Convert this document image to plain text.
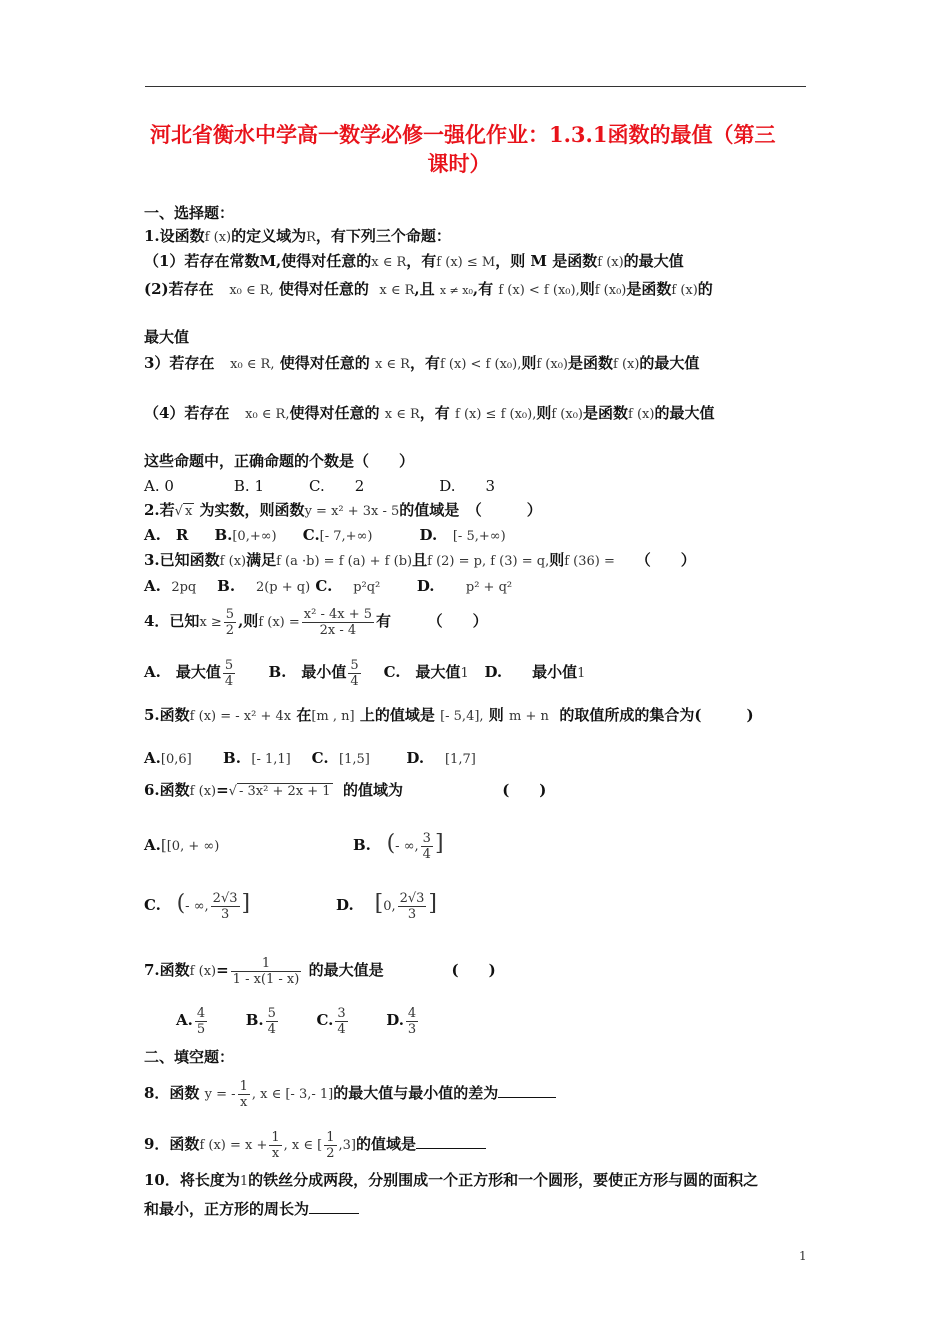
河北省衡水中学高一数学必修一强化作业：1.3.1函数的最值（第三
课时）
一、选择题：
1.设函数f (x)的定义域为R，有下列三个命题：
（1）若存在常数M,使得对任意的x ∈ R，有f (x) ≤ M，则 M 是函数f (x)的最大值
(2)若存在 x₀ ∈ R, 使得对任意的 x ∈ R,且 x ≠ x₀,有 f (x) < f (x₀),则f (x₀)是函数f (x)的
最大值
3）若存在 x₀ ∈ R, 使得对任意的 x ∈ R，有f (x) < f (x₀),则f (x₀)是函数f (x)的最大值
（4）若存在 x₀ ∈ R,使得对任意的 x ∈ R，有 f (x) ≤ f (x₀),则f (x₀)是函数f (x)的最大值
这些命题中，正确命题的个数是（　　）
A. 0　　　　B. 1　　　C.　　2　　　　　D.　　3
2.若√ x 为实数，则函数y = x² + 3x - 5的值域是　（　　　）
A.　R B.[0,+∞) C.[- 7,+∞)	D. [- 5,+∞)
3.已知函数f (x)满足f (a ·b) = f (a) + f (b)且f (2) = p, f (3) = q,则f (36) = （　　）
A. 2pq B. 2(p + q) C. p²q² D. p² + q²
4．已知$x \ge \frac{5}{2}$ ,则f $(x) = \frac{\text{x² - 4x + 5}}{2x - 4}$ 有 （　　）
A.　最大值 $\frac{5}{4} B$.　最小值 $\frac{5}{4} C$.　最大值1 D.　　最小值1
5.函数f (x) = - x² + 4x 在[m , n] 上的值域是 [- 5,4], 则 m + n 的取值所成的集合为(　　　)
A.[0,6] B. [- 1,1] C. [1,5] D. [1,7]
6.函数f (x)=√ - 3x² + 2x + 1 的值域为	(　　)
A.[[0, + ∞)	B. (- ∞, $\frac{3}{4}$ ]
C. (- ∞, $\frac{2√3}{3}$ ]	D. [0, $\frac{2√3}{3}$ ]
7.函数f $(x)= \frac{1}{1 - x(1 - x)}$ 的最大值是	(　　)
A. $\frac{4}{5}$	B. $\frac{5}{4}$	C. $\frac{3}{4}$	D. $\frac{4}{3}$
二、填空题：
8．函数 y = - $\frac{1}{x}$ , x ∈ [- 3,- 1]的最大值与最小值的差为
9．函数f $(x) = x + \frac{1}{x}$ , x ∈ [ $\frac{1}{2} ,3$]的值域是
10．将长度为1的铁丝分成两段，分别围成一个正方形和一个圆形，要使正方形与圆的面积之
和最小，正方形的周长为
1
